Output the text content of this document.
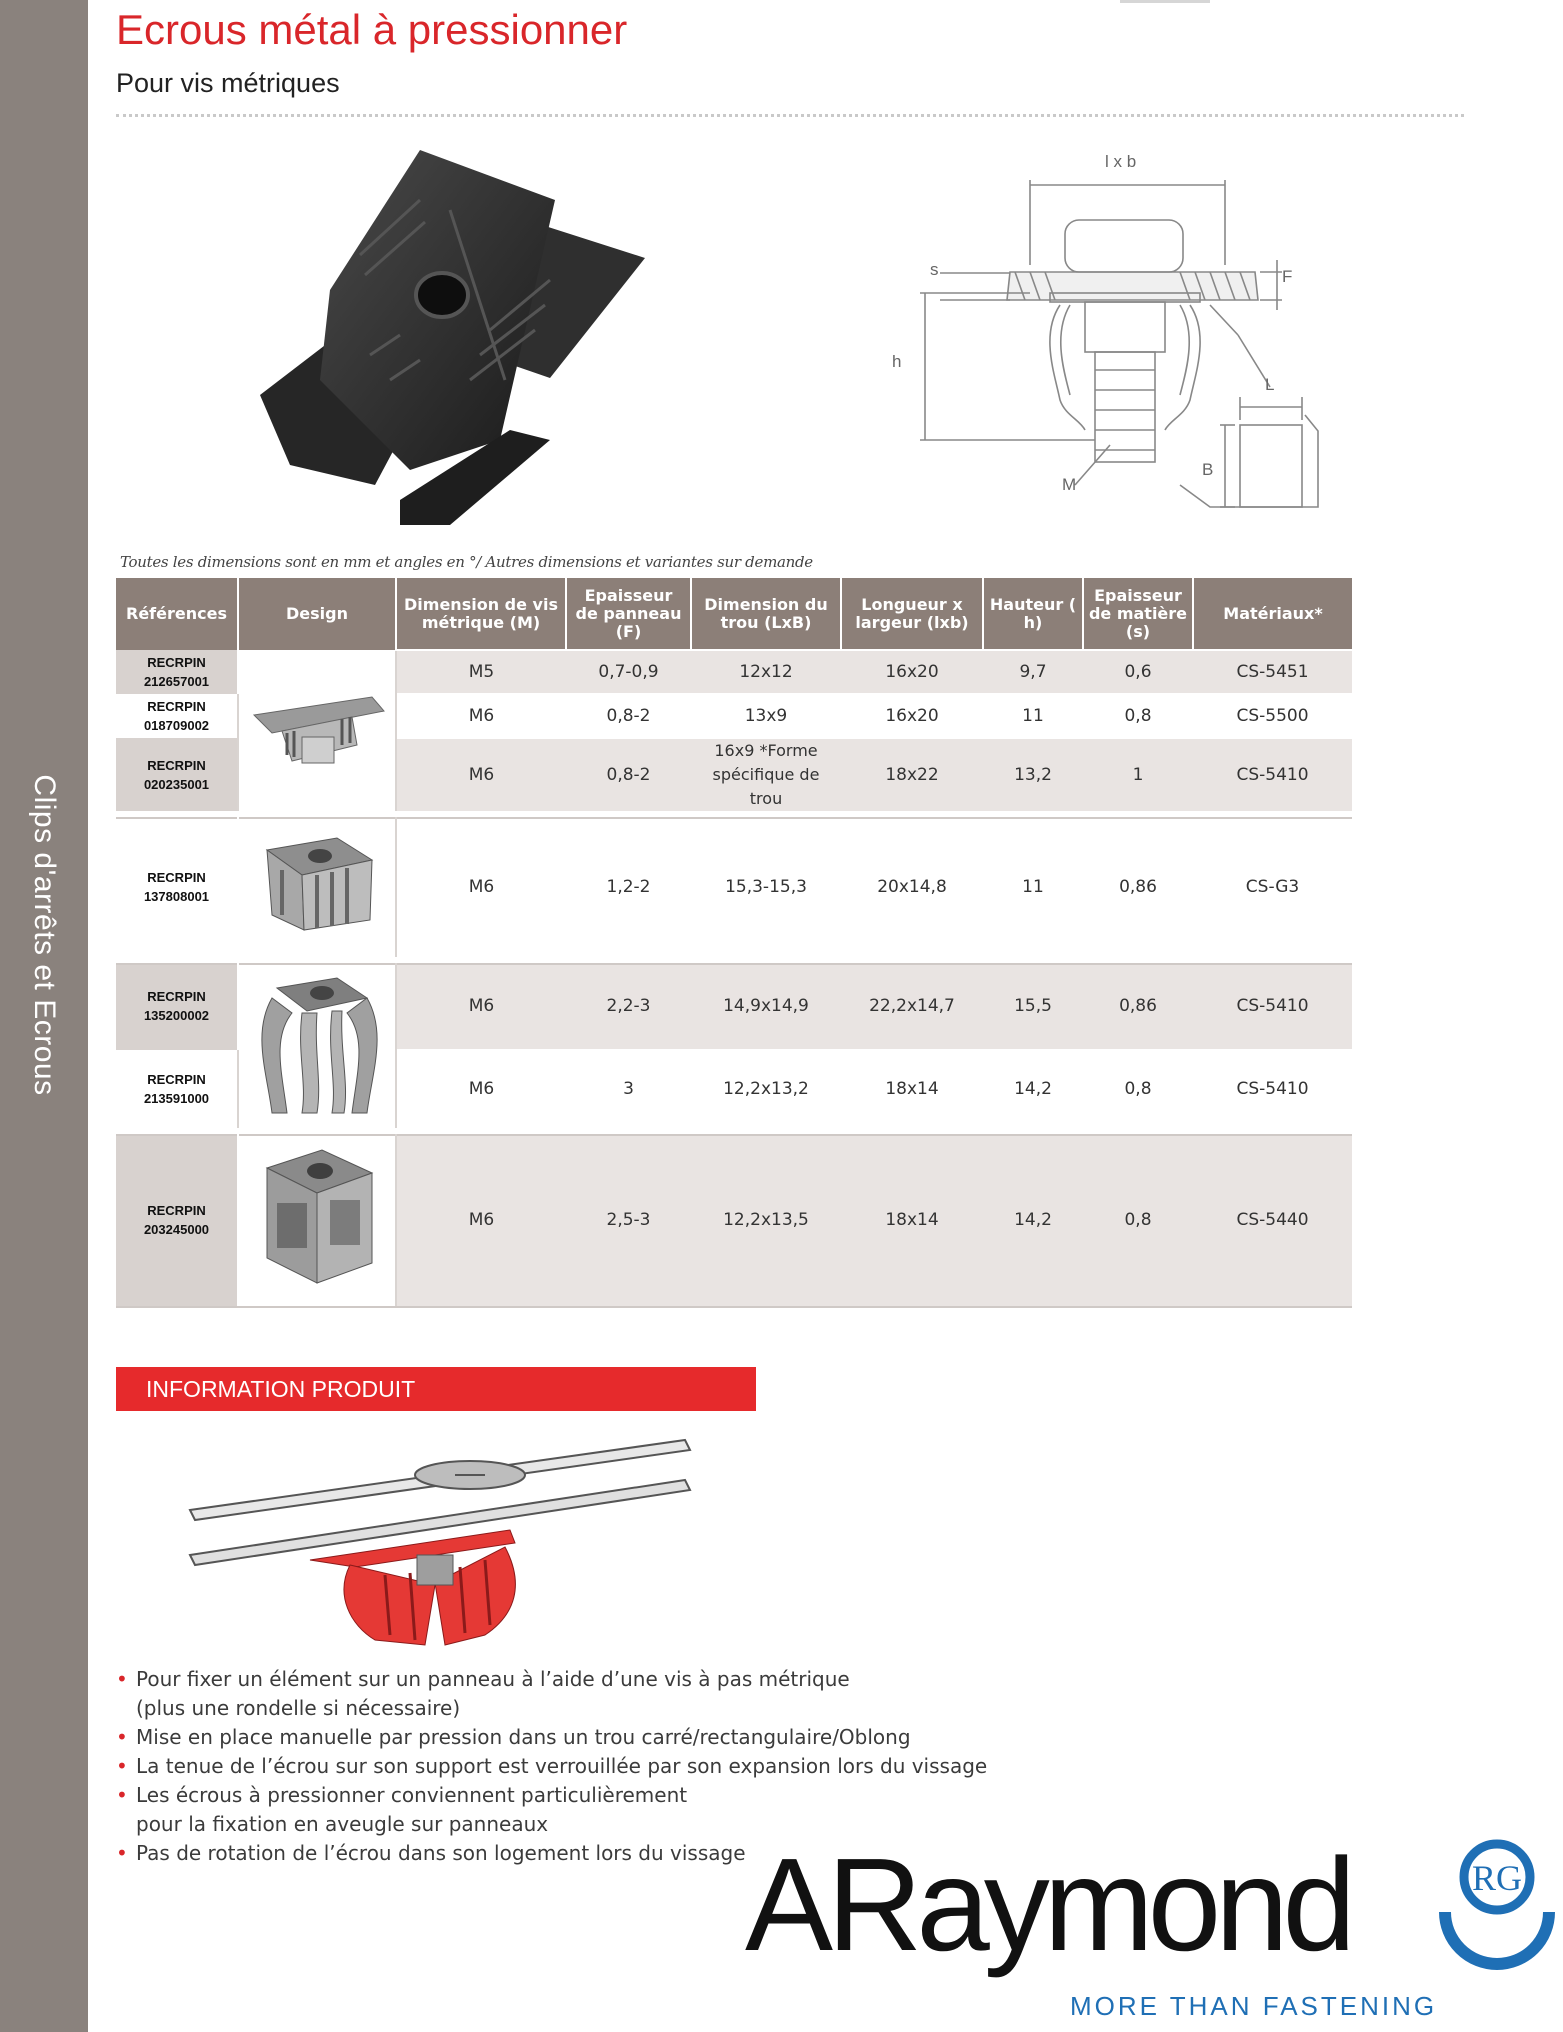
Clips d'arrêts et Ecrous
Ecrous métal à pressionner
Pour vis métriques
l x b
s	F
h
L
B
M
Toutes les dimensions sont en mm et angles en °/ Autres dimensions et variantes sur demande
Références	Design	Dimension de vis métrique (M)	Epaisseur de panneau (F)	Dimension du trou (LxB)	Longueur x largeur (lxb)	Hauteur ( h)	Epaisseur de matière (s)	Matériaux*
RECRPIN
212657001		M5	0,7-0,9	12x12	16x20	9,7	0,6	CS-5451
RECRPIN
018709002		M6	0,8-2	13x9	16x20	11	0,8	CS-5500
RECRPIN
020235001		M6	0,8-2	16x9 *Forme spécifique de trou	18x22	13,2	1	CS-5410
RECRPIN
137808001		M6	1,2-2	15,3-15,3	20x14,8	11	0,86	CS-G3
RECRPIN
135200002		M6	2,2-3	14,9x14,9	22,2x14,7	15,5	0,86	CS-5410
RECRPIN
213591000		M6	3	12,2x13,2	18x14	14,2	0,8	CS-5410
RECRPIN
203245000		M6	2,5-3	12,2x13,5	18x14	14,2	0,8	CS-5440
INFORMATION PRODUIT
• Pour fixer un élément sur un panneau à l’aide d’une vis à pas métrique
(plus une rondelle si nécessaire)
• Mise en place manuelle par pression dans un trou carré/rectangulaire/Oblong
• La tenue de l’écrou sur son support est verrouillée par son expansion lors du vissage
• Les écrous à pressionner conviennent particulièrement
pour la fixation en aveugle sur panneaux
• Pas de rotation de l’écrou dans son logement lors du vissage ARaymond	RG
MORE THAN FASTENING
